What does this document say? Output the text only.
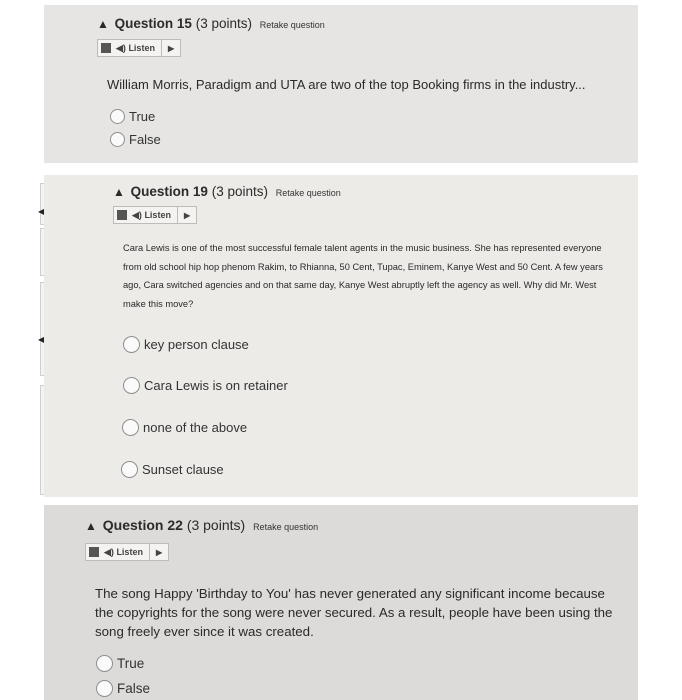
▲ Question 15 (3 points) Retake question
◀) Listen	▶
William Morris, Paradigm and UTA are two of the top Booking firms in the industry...
True
False
◀
◀
▲ Question 19 (3 points) Retake question
◀) Listen	▶
Cara Lewis is one of the most successful female talent agents in the music business. She has represented everyone from old school hip hop phenom Rakim, to Rhianna, 50 Cent, Tupac, Eminem, Kanye West and 50 Cent. A few years ago, Cara switched agencies and on that same day, Kanye West abruptly left the agency as well. Why did Mr. West make this move?
key person clause
Cara Lewis is on retainer
none of the above
Sunset clause
▲ Question 22 (3 points) Retake question
◀) Listen	▶
The song Happy 'Birthday to You' has never generated any significant income because the copyrights for the song were never secured. As a result, people have been using the song freely ever since it was created.
True
False
